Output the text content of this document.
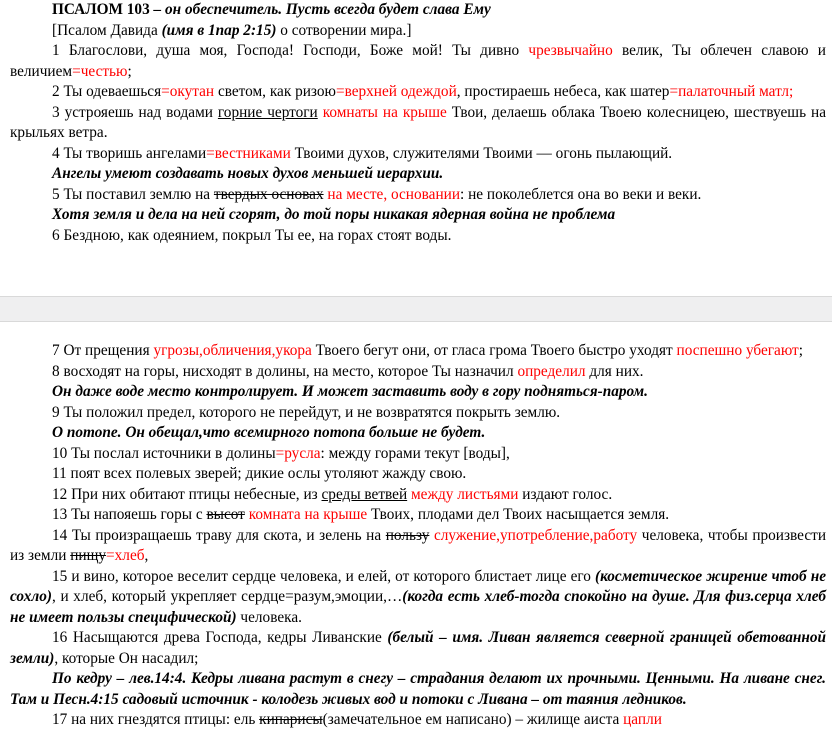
ПСАЛОМ 103 – он обеспечитель. Пусть всегда будет слава Ему

[Псалом Давида (имя в 1пар 2:15) о сотворении мира.]

1 Благослови, душа моя, Господа! Господи, Боже мой! Ты дивно чрезвычайно велик, Ты облечен славою и величием=честью;

2 Ты одеваешься=окутан светом, как ризою=верхней одеждой, простираешь небеса, как шатер=палаточный матл;

3 устрояешь над водами горние чертоги комнаты на крыше Твои, делаешь облака Твоею колесницею, шествуешь на крыльях ветра.

4 Ты творишь ангелами=вестниками Твоими духов, служителями Твоими — огонь пылающий.

Ангелы умеют создавать новых духов меньшей иерархии.

5 Ты поставил землю на твердых основах на месте, основании: не поколеблется она во веки и веки.

Хотя земля и дела на ней сгорят, до той поры никакая ядерная война не проблема

6 Бездною, как одеянием, покрыл Ты ее, на горах стоят воды.

7 От прещения угрозы,обличения,укора Твоего бегут они, от гласа грома Твоего быстро уходят поспешно убегают;

8 восходят на горы, нисходят в долины, на место, которое Ты назначил определил для них.

Он даже воде место контролирует. И может заставить воду в гору подняться-паром.

9 Ты положил предел, которого не перейдут, и не возвратятся покрыть землю.

О потопе. Он обещал,что всемирного потопа больше не будет.

10 Ты послал источники в долины=русла: между горами текут [воды],

11 поят всех полевых зверей; дикие ослы утоляют жажду свою.

12 При них обитают птицы небесные, из среды ветвей между листьями издают голос.

13 Ты напояешь горы с высот комната на крыше Твоих, плодами дел Твоих насыщается земля.

14 Ты произращаешь траву для скота, и зелень на пользу служение,употребление,работу человека, чтобы произвести из земли пищу=хлеб,

15 и вино, которое веселит сердце человека, и елей, от которого блистает лице его (косметическое жирение чтоб не сохло), и хлеб, который укрепляет сердце=разум,эмоции,…(когда есть хлеб-тогда спокойно на душе. Для физ.серца хлеб не имеет пользы специфической) человека.

16 Насыщаются древа Господа, кедры Ливанские (белый – имя. Ливан является северной границей обетованной земли), которые Он насадил;

По кедру – лев.14:4. Кедры ливана растут в снегу – страдания делают их прочными. Ценными. На ливане снег. Там и Песн.4:15 садовый источник - колодезь живых вод и потоки с Ливана – от таяния ледников.

17 на них гнездятся птицы: ель кипарисы(замечательное ем написано) – жилище аиста цапли
